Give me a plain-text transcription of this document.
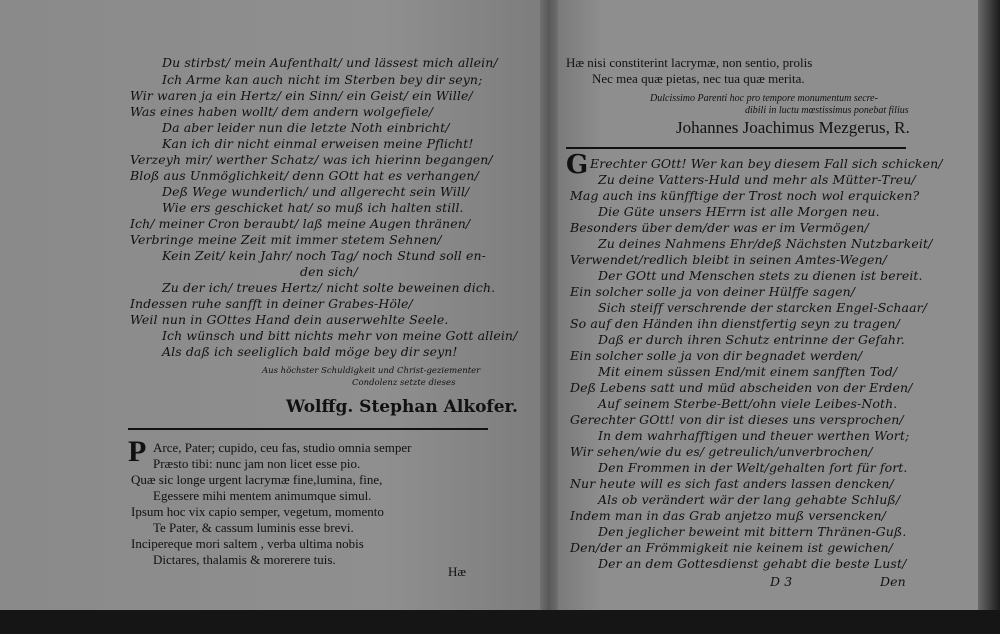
Du stirbst/ mein Aufenthalt/ und lässest mich allein/
Ich Arme kan auch nicht im Sterben bey dir seyn;
Wir waren ja ein Hertz/ ein Sinn/ ein Geist/ ein Wille/
Was eines haben wollt/ dem andern wolgefiele/
Da aber leider nun die letzte Noth einbricht/
Kan ich dir nicht einmal erweisen meine Pflicht!
Verzeyh mir/ werther Schatz/ was ich hierinn begangen/
Bloß aus Unmöglichkeit/ denn GOtt hat es verhangen/
Deß Wege wunderlich/ und allgerecht sein Will/
Wie ers geschicket hat/ so muß ich halten still.
Ich/ meiner Cron beraubt/ laß meine Augen thränen/
Verbringe meine Zeit mit immer stetem Sehnen/
Kein Zeit/ kein Jahr/ noch Tag/ noch Stund soll en-
den sich/
Zu der ich/ treues Hertz/ nicht solte beweinen dich.
Indessen ruhe sanfft in deiner Grabes-Höle/
Weil nun in GOttes Hand dein auserwehlte Seele.
Ich wünsch und bitt nichts mehr von meine Gott allein/
Als daß ich seeliglich bald möge bey dir seyn!
Aus höchster Schuldigkeit und Christ-geziementer
Condolenz setzte dieses
Wolffg. Stephan Alkofer.
P Arce, Pater; cupido, ceu fas, studio omnia semper
Præsto tibi: nunc jam non licet esse pio.
Quæ sic longe urgent lacrymæ fine,lumina, fine,
Egessere mihi mentem animumque simul.
Ipsum hoc vix capio semper, vegetum, momento
Te Pater, & cassum luminis esse brevi.
Incipereque mori saltem , verba ultima nobis
Dictares, thalamis & morerere tuis.
Hæ
Hæ nisi constiterint lacrymæ, non sentio, prolis
Nec mea quæ pietas, nec tua quæ merita.
Dulcissimo Parenti hoc pro tempore monumentum secre-
dibili in luctu mœstissimus ponebat filius
Johannes Joachimus Mezgerus, R.
G Erechter GOtt! Wer kan bey diesem Fall sich schicken/
Zu deine Vatters-Huld und mehr als Mütter-Treu/
Mag auch ins künfftige der Trost noch wol erquicken?
Die Güte unsers HErrn ist alle Morgen neu.
Besonders über dem/der was er im Vermögen/
Zu deines Nahmens Ehr/deß Nächsten Nutzbarkeit/
Verwendet/redlich bleibt in seinen Amtes-Wegen/
Der GOtt und Menschen stets zu dienen ist bereit.
Ein solcher solle ja von deiner Hülffe sagen/
Sich steiff verschrende der starcken Engel-Schaar/
So auf den Händen ihn dienstfertig seyn zu tragen/
Daß er durch ihren Schutz entrinne der Gefahr.
Ein solcher solle ja von dir begnadet werden/
Mit einem süssen End/mit einem sanfften Tod/
Deß Lebens satt und müd abscheiden von der Erden/
Auf seinem Sterbe-Bett/ohn viele Leibes-Noth.
Gerechter GOtt! von dir ist dieses uns versprochen/
In dem wahrhafftigen und theuer werthen Wort;
Wir sehen/wie du es/ getreulich/unverbrochen/
Den Frommen in der Welt/gehalten fort für fort.
Nur heute will es sich fast anders lassen dencken/
Als ob verändert wär der lang gehabte Schluß/
Indem man in das Grab anjetzo muß versencken/
Den jeglicher beweint mit bittern Thränen-Guß.
Den/der an Frömmigkeit nie keinem ist gewichen/
Der an dem Gottesdienst gehabt die beste Lust/
D 3	Den
